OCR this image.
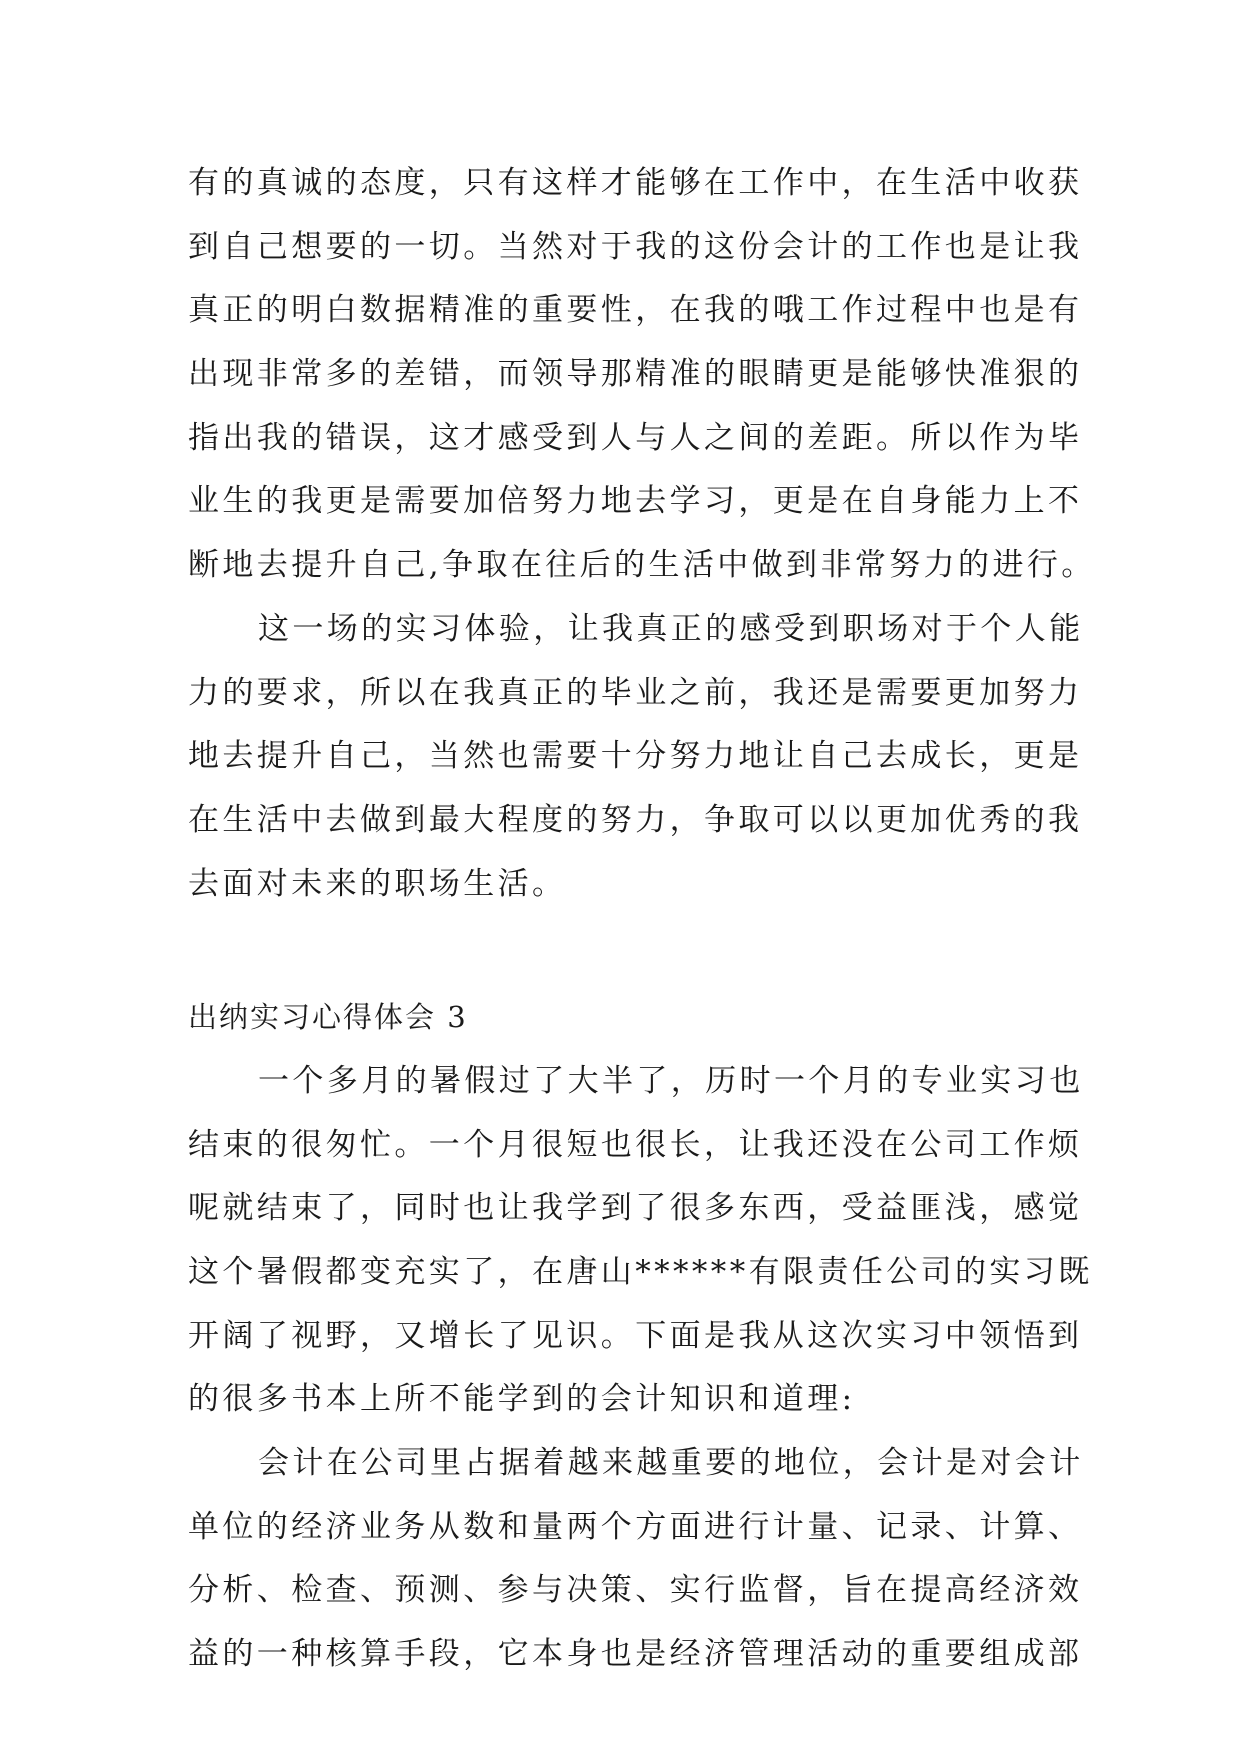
有的真诚的态度，只有这样才能够在工作中，在生活中收获
到自己想要的一切。当然对于我的这份会计的工作也是让我
真正的明白数据精准的重要性，在我的哦工作过程中也是有
出现非常多的差错，而领导那精准的眼睛更是能够快准狠的
指出我的错误，这才感受到人与人之间的差距。所以作为毕
业生的我更是需要加倍努力地去学习，更是在自身能力上不
断地去提升自己,争取在往后的生活中做到非常努力的进行。
这一场的实习体验，让我真正的感受到职场对于个人能
力的要求，所以在我真正的毕业之前，我还是需要更加努力
地去提升自己，当然也需要十分努力地让自己去成长，更是
在生活中去做到最大程度的努力，争取可以以更加优秀的我
去面对未来的职场生活。
出纳实习心得体会 3
一个多月的暑假过了大半了，历时一个月的专业实习也
结束的很匆忙。一个月很短也很长，让我还没在公司工作烦
呢就结束了，同时也让我学到了很多东西，受益匪浅，感觉
这个暑假都变充实了，在唐山******有限责任公司的实习既
开阔了视野，又增长了见识。下面是我从这次实习中领悟到
的很多书本上所不能学到的会计知识和道理:
会计在公司里占据着越来越重要的地位，会计是对会计
单位的经济业务从数和量两个方面进行计量、记录、计算、
分析、检查、预测、参与决策、实行监督，旨在提高经济效
益的一种核算手段，它本身也是经济管理活动的重要组成部
